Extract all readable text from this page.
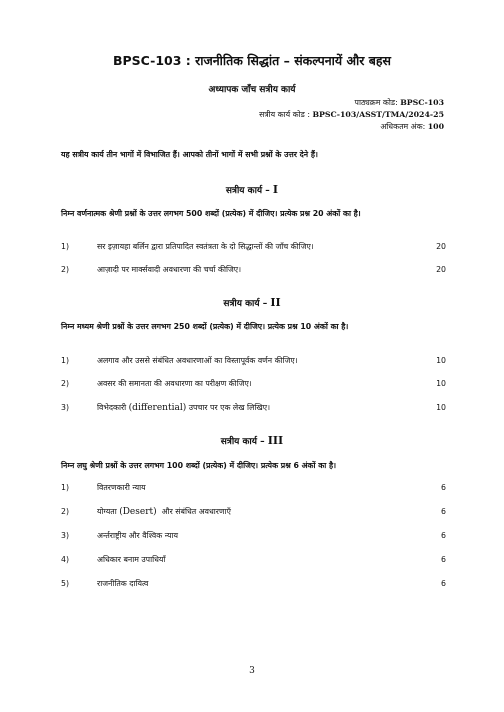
BPSC-103 : राजनीतिक सिद्धांत – संकल्पनायें और बहस
अध्यापक जाँच सत्रीय कार्य
पाठ्यक्रम कोड: BPSC-103
सत्रीय कार्य कोड : BPSC-103/ASST/TMA/2024-25
अधिकतम अंक: 100
यह सत्रीय कार्य तीन भागों में विभाजित हैं। आपको तीनों भागों में सभी प्रश्नों के उत्तर देने हैं।
सत्रीय कार्य – I
निम्न वर्णनात्मक श्रेणी प्रश्नों के उत्तर लगभग 500 शब्दों (प्रत्येक) में दीजिए। प्रत्येक प्रश्न 20 अंकों का है।
1)	सर इज़ायहा बर्लिन द्वारा प्रतिपादित स्वतंत्रता के दो सिद्धान्तों की जाँच कीजिए।	20
2)	आज़ादी पर मार्क्सवादी अवधारणा की चर्चा कीजिए।	20
सत्रीय कार्य – II
निम्न मध्यम श्रेणी प्रश्नों के उत्तर लगभग 250 शब्दों (प्रत्येक) में दीजिए। प्रत्येक प्रश्न 10 अंकों का है।
1)	अलगाव और उससे संबंधित अवधारणाओं का विस्तापूर्वक वर्णन कीजिए।	10
2)	अवसर की समानता की अवधारणा का परीक्षण कीजिए।	10
3)	विभेदकारी (differential) उपचार पर एक लेख लिखिए।	10
सत्रीय कार्य – III
निम्न लघु श्रेणी प्रश्नों के उत्तर लगभग 100 शब्दों (प्रत्येक) में दीजिए। प्रत्येक प्रश्न 6 अंकों का है।
1)	वितरणकारी न्याय	6
2)	योग्यता (Desert)  और संबंधित अवधारणाएँ	6
3)	अर्न्तराष्ट्रीय और वैश्विक न्याय	6
4)	अधिकार बनाम उपाधियाँ	6
5)	राजनीतिक दायित्व	6
3
